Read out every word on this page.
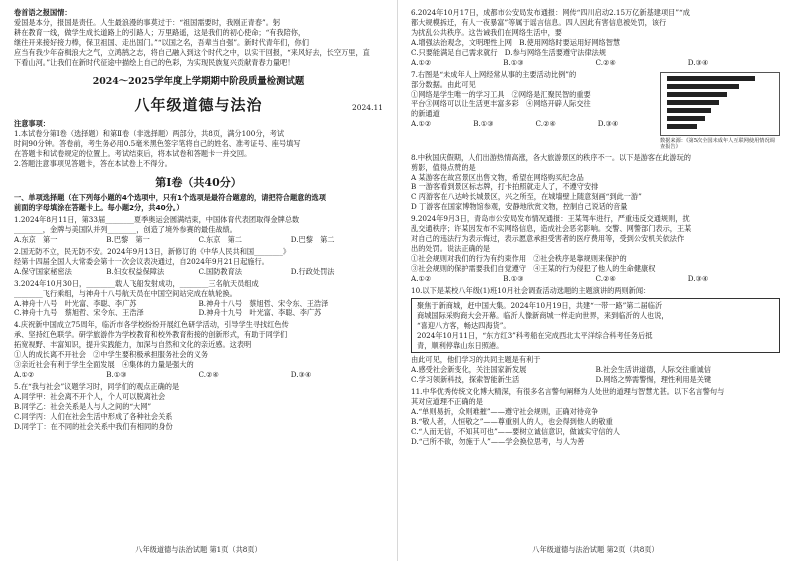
卷首语之报国情：
爱国是本分，报国是责任。人生最浪漫的事莫过于：“祖国需要时，我刚正青春”。躬
耕在教育一线，做学生成长道路上的引路人；万里路遥，这是我们的初心使命；“有我陪你，
继往开来接好接力棒，保卫祖国、走出国门。”“以国之名，吾辈当自强”。新时代青年们，你们
应当有我少年奋楫浪大之气，立鸿鹄之志，将自己融入到这个时代之中，以实干回报，“来风好去，长空万里，直
下看山河。”让我们在新时代征途中描绘上自己的色彩，为实现民族复兴贡献青春力量吧！
2024～2025学年度上学期期中阶段质量检测试题
八年级道德与法治	2024.11
注意事项：
1.本试卷分第Ⅰ卷（选择题）和第Ⅱ卷（非选择题）两部分，共8页，满分100分，考试
时间90分钟。答卷前，考生务必用0.5毫米黑色签字笔将自己的姓名、准考证号、座号填写
在答题卡和试卷规定的位置上。考试结束后，将本试卷和答题卡一并交回。
2.答题注意事项见答题卡，答在本试卷上不得分。
第Ⅰ卷（共40分）
一、单项选择题（在下列每小题的4个选项中，只有1个选项是最符合题意的，请把符合题意的选项
前面的字母填涂在答题卡上。每小题2分，共40分。）
1.2024年8月11日，第33届________夏季奥运会圆满结束，中国体育代表团取得金牌总数
________，金牌与美国队并列________，创造了境外参赛的最佳战绩。
A.东京　第一	B.巴黎　第一	C.东京　第二	D.巴黎　第二
2.国无防不立，民无防不安。2024年9月13日，新修订的《中华人民共和国________》
经第十四届全国人大常委会第十一次会议表决通过，自2024年9月21日起施行。
A.保守国家秘密法	B.妇女权益保障法	C.国防教育法	D.行政处罚法
3.2024年10月30日，________载人飞船发射成功，________三名航天员组成
________飞行乘组，与神舟十八号航天员在中国空间站完成在轨轮换。
A.神舟十八号　叶光富、李聪、李广苏	B.神舟十八号　蔡旭哲、宋令东、王浩泽
C.神舟十九号　蔡旭哲、宋令东、王浩泽	D.神舟十九号　叶光富、李聪、李广苏
4.庆祝新中国成立75周年，临沂市各学校纷纷开展红色研学活动，引导学生寻找红色传
承、坚持红色联学。研学旅游作为学校教育和校外教育衔接的创新形式，有助于同学们
拓宽视野、丰富知识，提升实践能力，加深与自然和文化的亲近感。这表明
①人的成长离不开社会　②中学生要积极承担服务社会的义务
③亲近社会有利于学生全面发展　④集体的力量是强大的
A.①②	B.①③	C.②④	D.③④
5.在“我与社会”议题学习时，同学们的观点正确的是
A.同学甲：社会离不开个人，个人可以脱离社会
B.同学乙：社会关系是人与人之间的“大网”
C.同学丙：人们在社会生活中形成了各种社会关系
D.同学丁：在不同的社会关系中我们有相同的身份
八年级道德与法治试题 第1页（共8页）
6.2024年10月17日，成都市公安局发布通报：网传“四川启动2.15万亿新基建项目”“成
都大规模拆迁，有人一夜暴富”等属于谣言信息。四人因此有害信息被处罚，该行
为扰乱公共秩序。这告诫我们在网络生活中，要
A.增强法治观念，文明理性上网　B.使用网络时要运用好网络智慧
C.只要能满足自己需求就行　D.参与网络生活要遵守法律法规
A.①②	B.①③	C.②④	D.③④
7.右图是“未成年人上网经常从事的主要活动比例”的
部分数据。由此可见
①网络是学生唯一的学习工具　②网络是汇聚民智的重要
平台③网络可以让生活更丰富多彩　④网络开辟人际交往
的新通道
A.①②	B.①③	C.②④	D.③④
数据来源：《第5次全国未成年人互联网使用情况调查报告》
8.中秋国庆假期，人们出游热情高涨，各大旅游景区的秩序不一。以下是游客在此游玩的
剪影，值得点赞的是
A 某游客在故宫景区出售文物，希望在网络购买纪念品
B 一游客看到景区标志牌，打卡拍照就走人了，不遵守安排
C 丙游客在八达岭长城景区，兴之所至，在城墙壁上随意刻画“到此一游”
D 丁游客在国家博物馆参观，安静地欣赏文物，控制自己说话的音量
9.2024年9月3日，青岛市公安局发布情况通报：王某驾车进行，严重违反交通规则，扰
乱交通秩序；许某因发布不实网络信息，造成社会恶劣影响。交警、网警部门表示，王某
对自己的违法行为表示悔过，表示愿意承担受害者的医疗费用等，受到公安机关依法作
出的处罚。说法正确的是
①社会规则对我们的行为有约束作用　②社会秩序是靠规则来保护的
③社会规则的保护需要我们自觉遵守　④王某的行为侵犯了他人的生命健康权
A.①②	B.①③	C.②④	D.③④
10.以下是某校八年级(1)班10月社会调查活动选题的主题演讲的两则新闻：
聚焦于新商城，赶中国大集。2024年10月19日，共建“一带一路”第二届临沂
商城国际采购商大会开幕。临沂人像新商城一样走向世界，来到临沂的人也说，
“喜迎八方客，畅达四海货”。
2024年10月11日，“东方红3”科考船在完成西北太平洋综合科考任务后抵
青，顺利停靠山东日照港。
由此可见，他们学习的共同主题是有利于
A.感受社会新变化，关注国家新发展	B.社会生活讲道德，人际交往重诚信
C.学习领新科技，探索智能新生活	D.网络之弊需警惕，理性利用是关键
11.中华优秀传统文化博大精深，有很多名言警句阐释为人处世的道理与智慧尤甚。以下名言警句与
其对应道理不正确的是
A.“单则易折，众则难摧”——遵守社会规则，正确对待竞争
B.“敬人者，人恒敬之”——尊重别人的人，也会得到他人的敬重
C.“人而无信，不知其可也”——要树立诚信意识，做诚实守信的人
D.“己所不欲，勿施于人”——学会换位思考，与人为善
八年级道德与法治试题 第2页（共8页）
